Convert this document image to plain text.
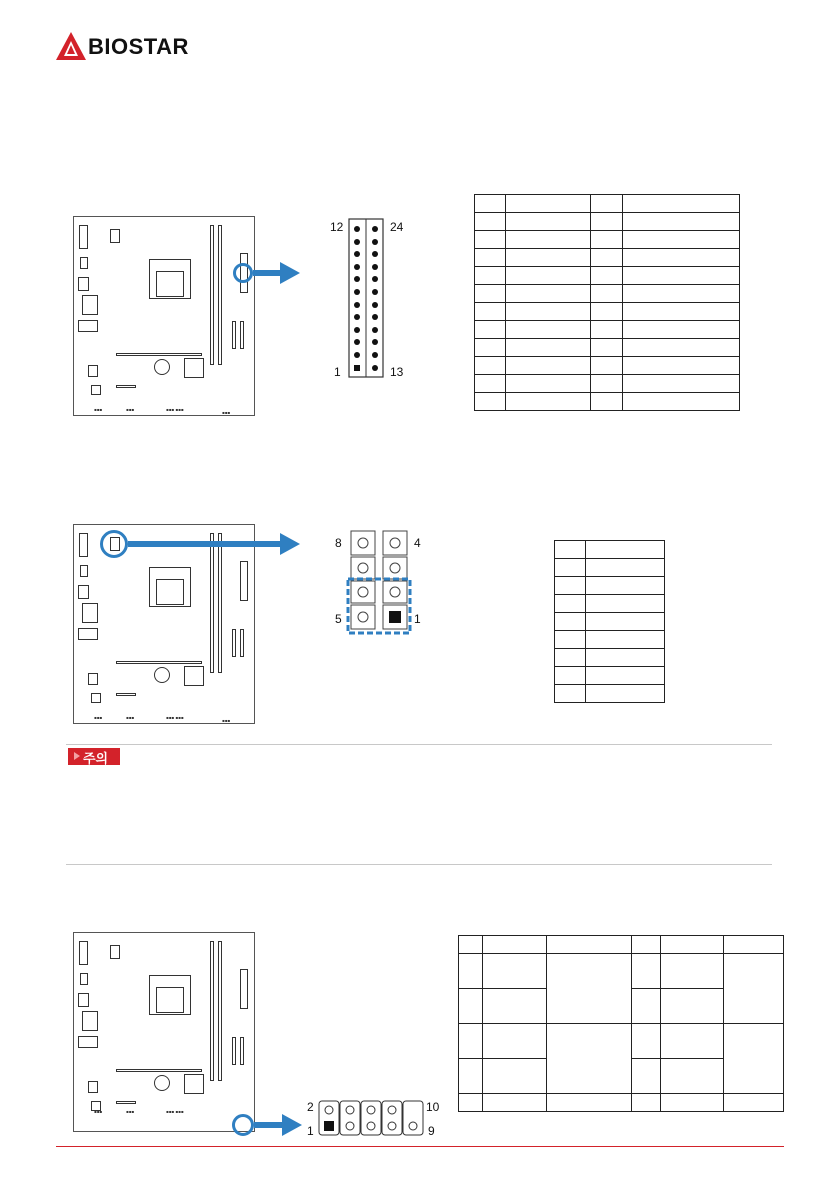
BIOSTAR
▪▪▪	▪▪▪	▪▪▪ ▪▪▪
▪▪▪
12	24
1	13

▪▪▪	▪▪▪	▪▪▪ ▪▪▪
▪▪▪
8	4
5	1

주의
▪▪▪	▪▪▪	▪▪▪ ▪▪▪	2	10
1	9
